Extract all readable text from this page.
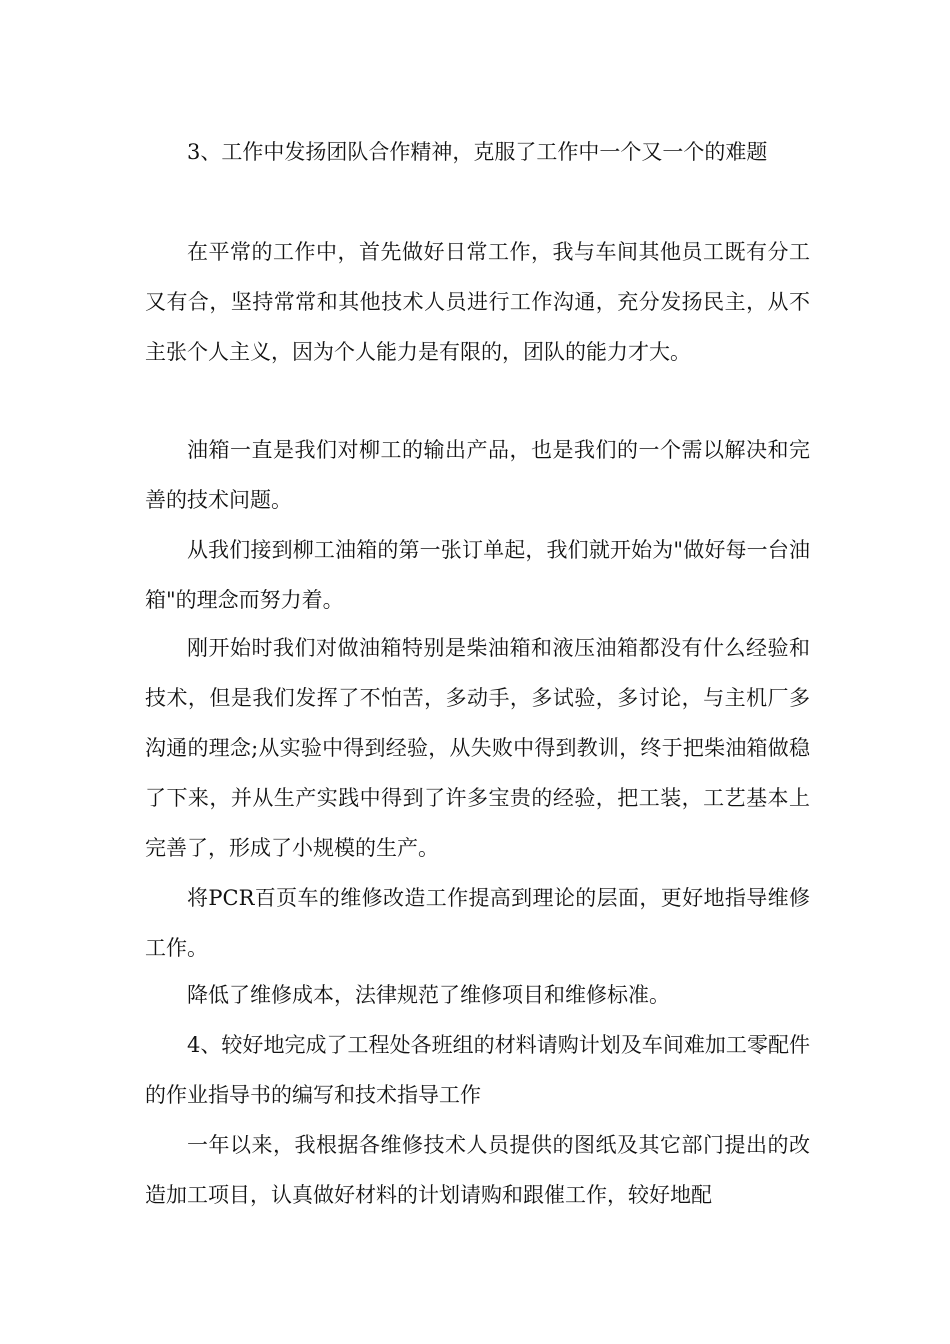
3、工作中发扬团队合作精神，克服了工作中一个又一个的难题

在平常的工作中，首先做好日常工作，我与车间其他员工既有分工又有合，坚持常常和其他技术人员进行工作沟通，充分发扬民主，从不主张个人主义，因为个人能力是有限的，团队的能力才大。

油箱一直是我们对柳工的输出产品，也是我们的一个需以解决和完善的技术问题。

从我们接到柳工油箱的第一张订单起，我们就开始为"做好每一台油箱"的理念而努力着。

刚开始时我们对做油箱特别是柴油箱和液压油箱都没有什么经验和技术，但是我们发挥了不怕苦，多动手，多试验，多讨论，与主机厂多沟通的理念;从实验中得到经验，从失败中得到教训，终于把柴油箱做稳了下来，并从生产实践中得到了许多宝贵的经验，把工装，工艺基本上完善了，形成了小规模的生产。

将PCR百页车的维修改造工作提高到理论的层面，更好地指导维修工作。

降低了维修成本，法律规范了维修项目和维修标准。

4、较好地完成了工程处各班组的材料请购计划及车间难加工零配件的作业指导书的编写和技术指导工作

一年以来，我根据各维修技术人员提供的图纸及其它部门提出的改造加工项目，认真做好材料的计划请购和跟催工作，较好地配
